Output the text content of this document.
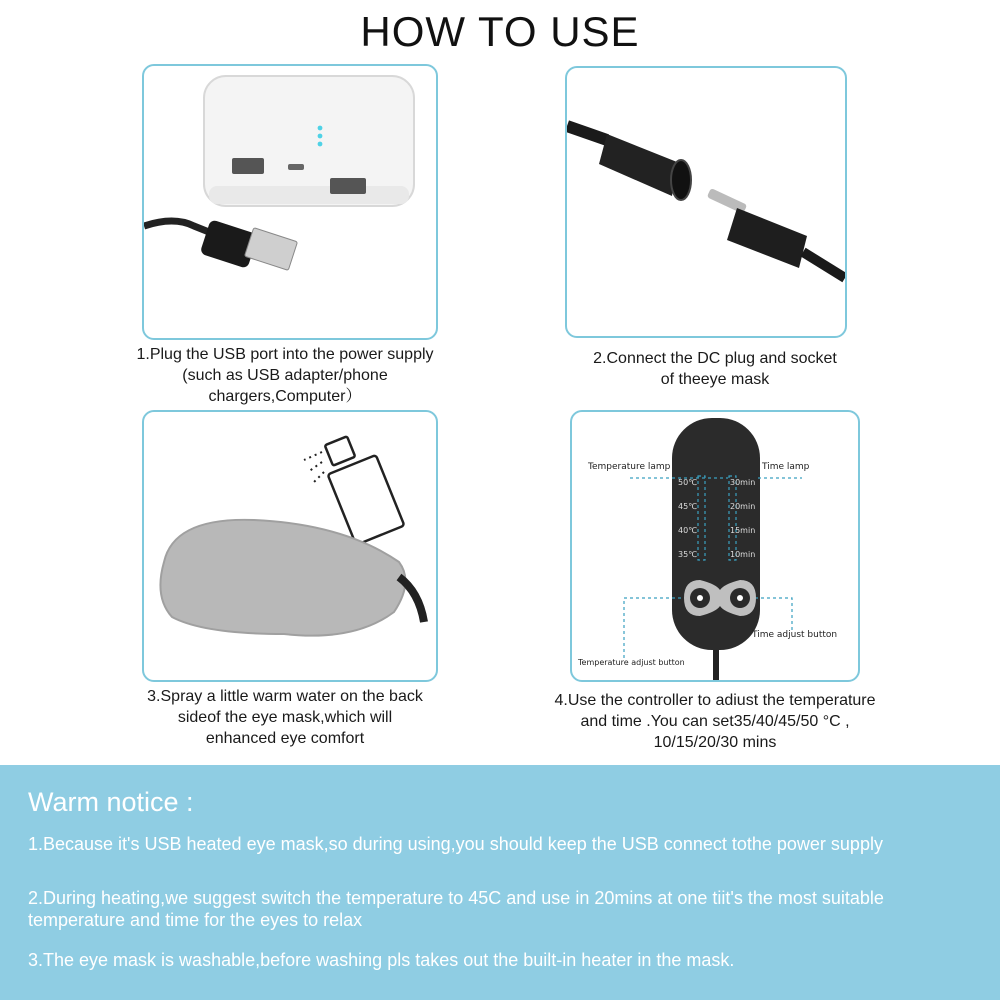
HOW TO USE
1.Plug the USB port into the power supply
(such as USB adapter/phone
chargers,Computer）
2.Connect the DC plug and socket
of theeye mask
3.Spray a little warm water on the back
sideof the eye mask,which will
enhanced eye comfort
Temperature lamp	Time lamp
50℃
45℃
40℃
35℃
30min
20min
15min
10min
Time adjust button
Temperature adjust button
4.Use the controller to adiust the temperature
and time .You can set35/40/45/50 °C ,
10/15/20/30 mins
Warm notice :
1.Because it's USB heated eye mask,so during using,you should keep the USB connect tothe power supply
2.During heating,we suggest switch the temperature to 45C and use in 20mins at one tiit's the most suitable temperature and time for the eyes to relax
3.The eye mask is washable,before washing pls takes out the built-in heater in the mask.
